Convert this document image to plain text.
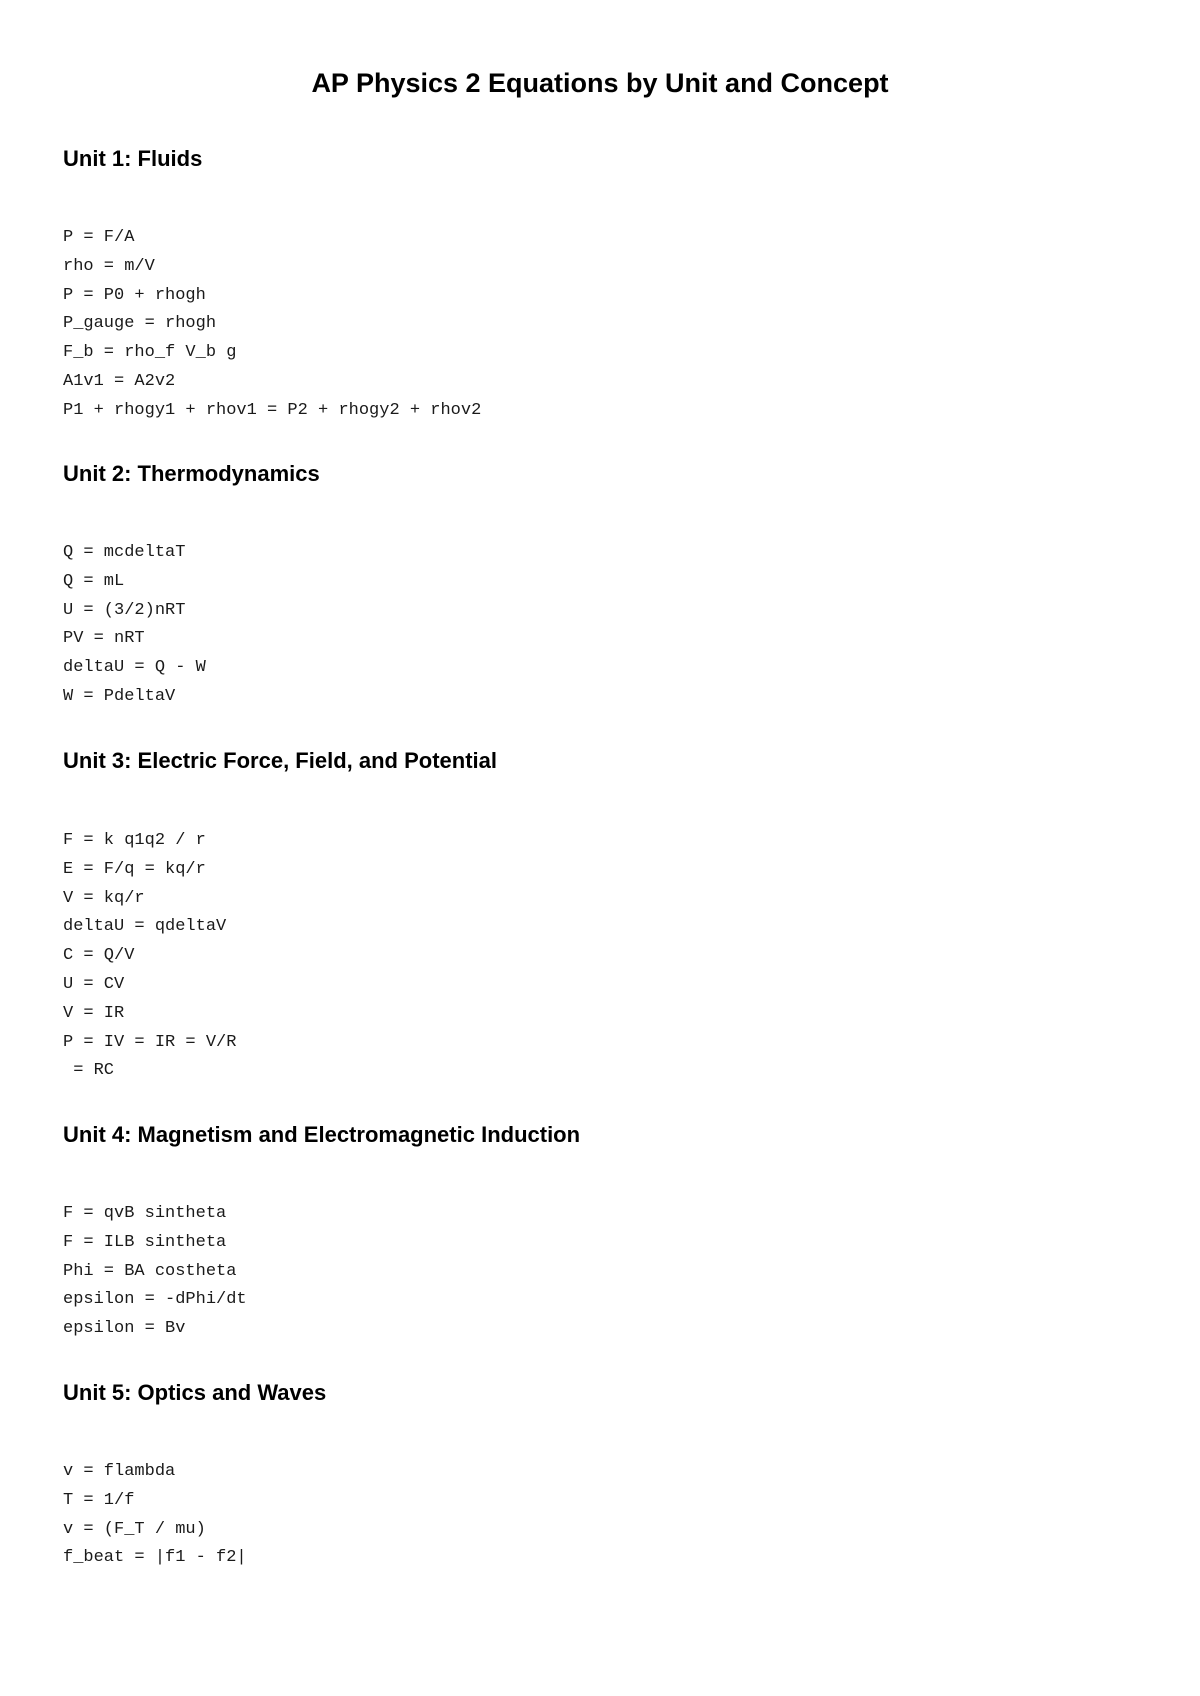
AP Physics 2 Equations by Unit and Concept
Unit 1: Fluids
P = F/A
rho = m/V
P = P0 + rhogh
P_gauge = rhogh
F_b = rho_f V_b g
A1v1 = A2v2
P1 + rhogy1 + rhov1 = P2 + rhogy2 + rhov2
Unit 2: Thermodynamics
Q = mcdeltaT
Q = mL
U = (3/2)nRT
PV = nRT
deltaU = Q - W
W = PdeltaV
Unit 3: Electric Force, Field, and Potential
F = k q1q2 / r
E = F/q = kq/r
V = kq/r
deltaU = qdeltaV
C = Q/V
U = CV
V = IR
P = IV = IR = V/R
= RC
Unit 4: Magnetism and Electromagnetic Induction
F = qvB sintheta
F = ILB sintheta
Phi = BA costheta
epsilon = -dPhi/dt
epsilon = Bv
Unit 5: Optics and Waves
v = flambda
T = 1/f
v = (F_T / mu)
f_beat = |f1 - f2|
